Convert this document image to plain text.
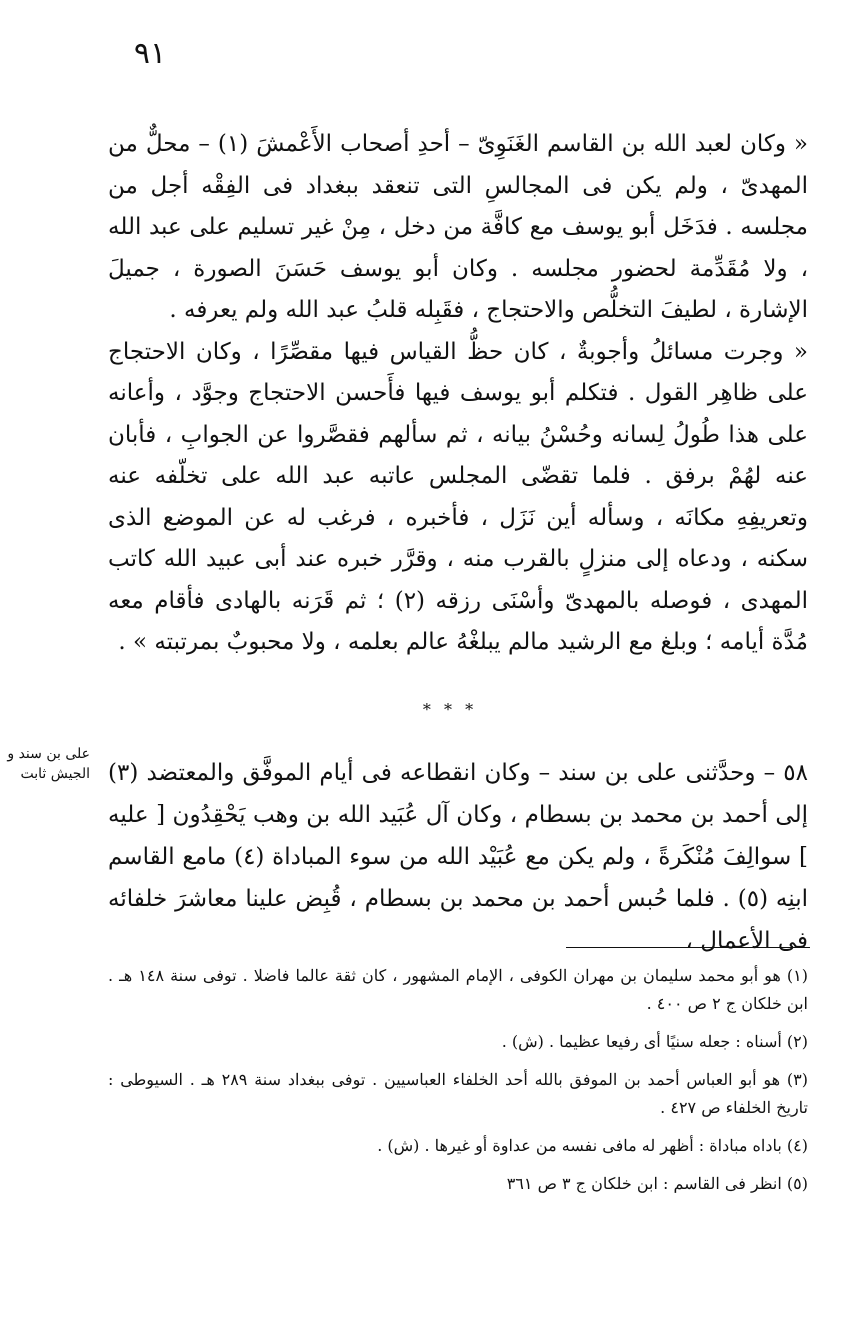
٩١

« وكان لعبد الله بن القاسم الغَنَوِىّ – أحدِ أصحاب الأَعْمشَ (١) – محلٌّ من المهدىّ ، ولم يكن فى المجالسِ التى تنعقد ببغداد فى الفِقْه أجل من مجلسه . فدَخَل أبو يوسف مع كافَّة من دخل ، مِنْ غير تسليم على عبد الله ، ولا مُقَدِّمة لحضور مجلسه . وكان أبو يوسف حَسَنَ الصورة ، جميلَ الإشارة ، لطيفَ التخلُّص والاحتجاج ، فقَبِله قلبُ عبد الله ولم يعرفه .

« وجرت مسائلُ وأجوبةٌ ، كان حظُّ القياس فيها مقصِّرًا ، وكان الاحتجاج على ظاهِر القول . فتكلم أبو يوسف فيها فأَحسن الاحتجاج وجوَّد ، وأعانه على هذا طُولُ لِسانه وحُسْنُ بيانه ، ثم سألهم فقصَّروا عن الجوابِ ، فأبان عنه لهُمْ برفق . فلما تقضّى المجلس عاتبه عبد الله على تخلّفه عنه وتعريفِهِ مكانَه ، وسأله أين نَزَل ، فأخبره ، فرغب له عن الموضع الذى سكنه ، ودعاه إلى منزلٍ بالقرب منه ، وقرَّر خبره عند أبى عبيد الله كاتب المهدى ، فوصله بالمهدىّ وأسْنَى رزقه (٢) ؛ ثم قَرَنه بالهادى فأقام معه مُدَّة أيامه ؛ وبلغ مع الرشيد مالم يبلغْهُ عالم بعلمه ، ولا محبوبٌ بمرتبته » .

* * *
على بن سند و الجيش ثابت ٥٨ – وحدَّثنى على بن سند – وكان انقطاعه فى أيام الموفَّق والمعتضد (٣) إلى أحمد بن محمد بن بسطام ، وكان آل عُبَيد الله بن وهب يَحْقِدُون [ عليه ] سوالِفَ مُنْكَرةً ، ولم يكن مع عُبَيْد الله من سوء المباداة (٤) مامع القاسم ابنِه (٥) . فلما حُبس أحمد بن محمد بن بسطام ، قُبِض علينا معاشرَ خلفائه فى الأعمال ،

(١) هو أبو محمد سليمان بن مهران الكوفى ، الإمام المشهور ، كان ثقة عالما فاضلا . توفى سنة ١٤٨ هـ . ابن خلكان ج ٢ ص ٤٠٠ .

(٢) أسناه : جعله سنيًا أى رفيعا عظيما . (ش) .

(٣) هو أبو العباس أحمد بن الموفق بالله أحد الخلفاء العباسيين . توفى ببغداد سنة ٢٨٩ هـ . السيوطى : تاريخ الخلفاء ص ٤٢٧ .

(٤) باداه مباداة : أظهر له مافى نفسه من عداوة أو غيرها . (ش) .

(٥) انظر فى القاسم : ابن خلكان ج ٣ ص ٣٦١
